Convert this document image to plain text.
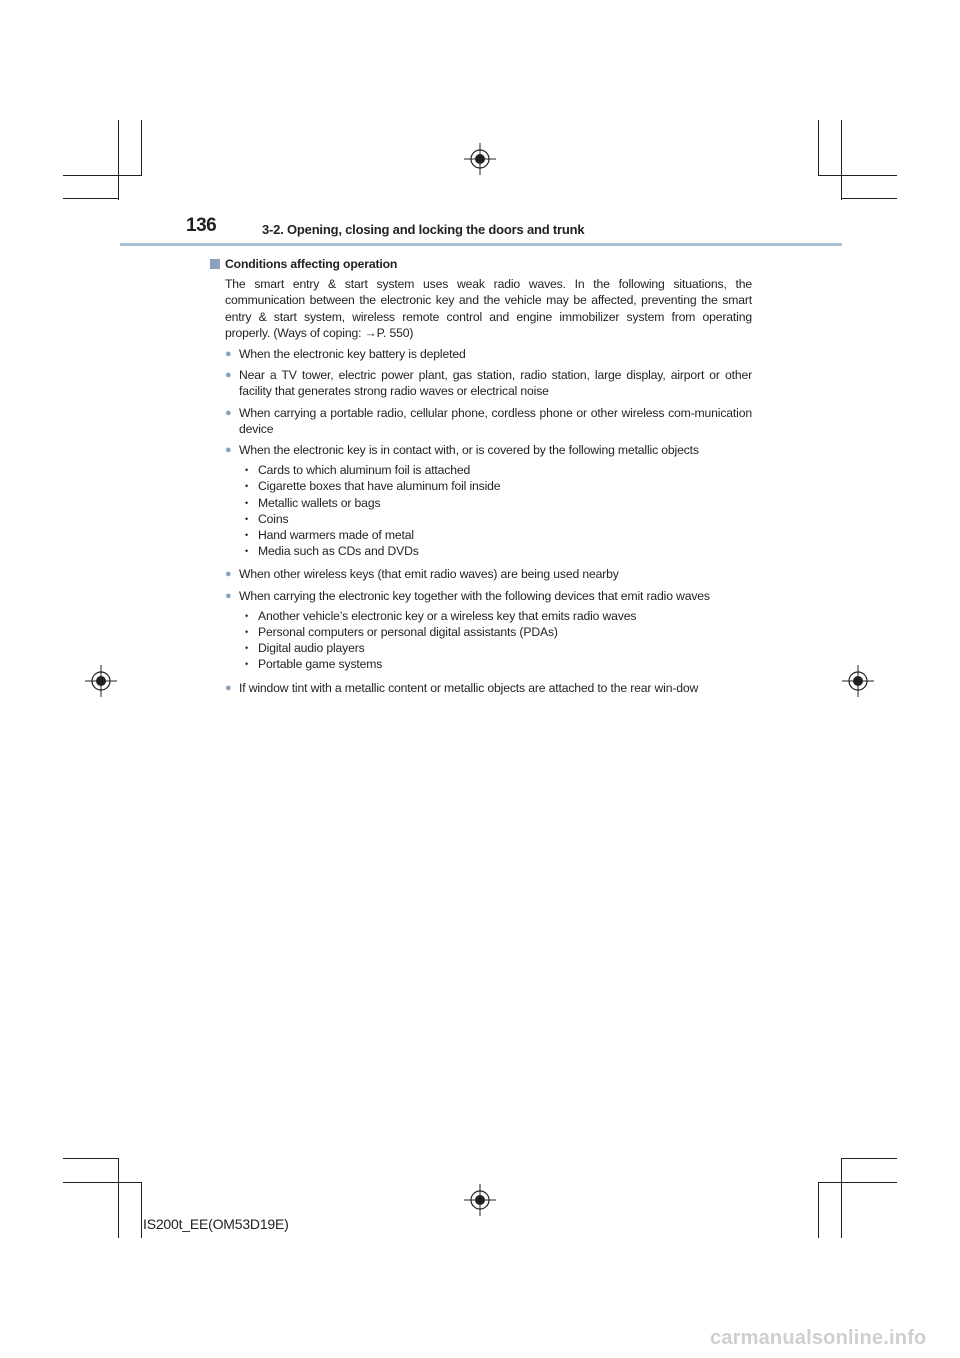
136	3-2. Opening, closing and locking the doors and trunk
Conditions affecting operation

The smart entry & start system uses weak radio waves. In the following situations, the communication between the electronic key and the vehicle may be affected, preventing the smart entry & start system, wireless remote control and engine immobilizer system from operating properly. (Ways of coping: →P. 550)

● When the electronic key battery is depleted
● Near a TV tower, electric power plant, gas station, radio station, large display, airport or other facility that generates strong radio waves or electrical noise
● When carrying a portable radio, cellular phone, cordless phone or other wireless com-munication device
● When the electronic key is in contact with, or is covered by the following metallic objects
• Cards to which aluminum foil is attached
• Cigarette boxes that have aluminum foil inside
• Metallic wallets or bags
• Coins
• Hand warmers made of metal
• Media such as CDs and DVDs
● When other wireless keys (that emit radio waves) are being used nearby
● When carrying the electronic key together with the following devices that emit radio waves
• Another vehicle’s electronic key or a wireless key that emits radio waves
• Personal computers or personal digital assistants (PDAs)
• Digital audio players
• Portable game systems
● If window tint with a metallic content or metallic objects are attached to the rear win-dow
IS200t_EE(OM53D19E)
carmanualsonline.info
